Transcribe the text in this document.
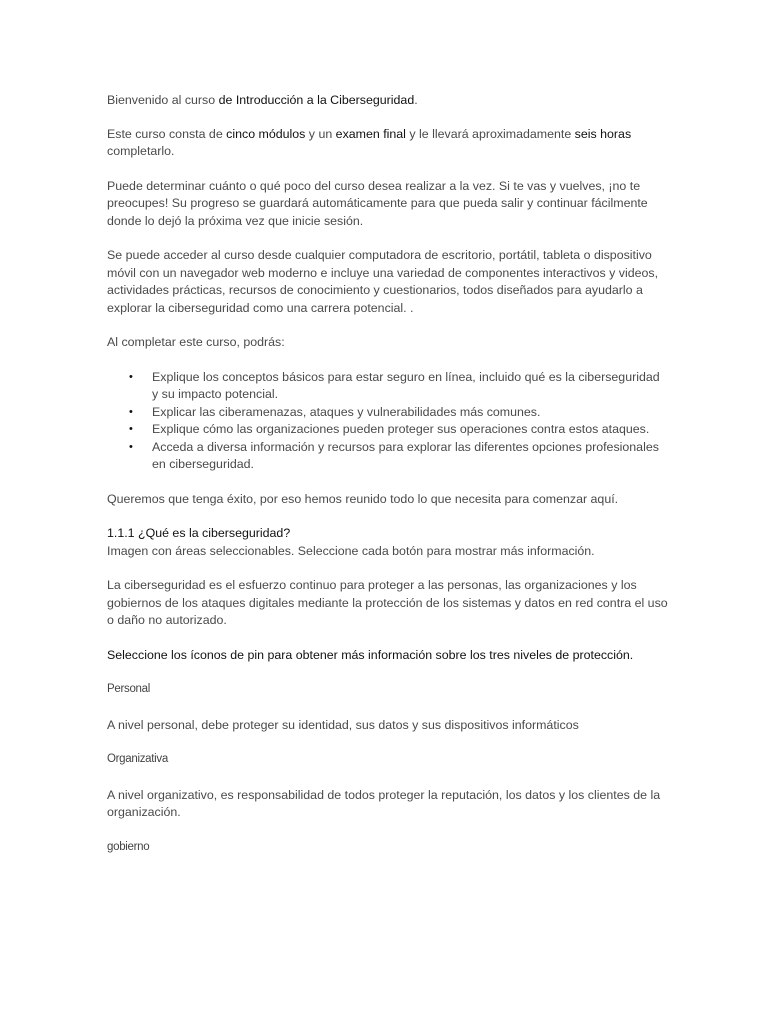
Bienvenido al curso de Introducción a la Ciberseguridad.

Este curso consta de cinco módulos y un examen final y le llevará aproximadamente seis horas completarlo.

Puede determinar cuánto o qué poco del curso desea realizar a la vez. Si te vas y vuelves, ¡no te preocupes! Su progreso se guardará automáticamente para que pueda salir y continuar fácilmente donde lo dejó la próxima vez que inicie sesión.

Se puede acceder al curso desde cualquier computadora de escritorio, portátil, tableta o dispositivo móvil con un navegador web moderno e incluye una variedad de componentes interactivos y videos, actividades prácticas, recursos de conocimiento y cuestionarios, todos diseñados para ayudarlo a explorar la ciberseguridad como una carrera potencial. .

Al completar este curso, podrás:

• Explique los conceptos básicos para estar seguro en línea, incluido qué es la ciberseguridad y su impacto potencial.
• Explicar las ciberamenazas, ataques y vulnerabilidades más comunes.
• Explique cómo las organizaciones pueden proteger sus operaciones contra estos ataques.
• Acceda a diversa información y recursos para explorar las diferentes opciones profesionales en ciberseguridad.

Queremos que tenga éxito, por eso hemos reunido todo lo que necesita para comenzar aquí.

1.1.1 ¿Qué es la ciberseguridad?

Imagen con áreas seleccionables. Seleccione cada botón para mostrar más información.

La ciberseguridad es el esfuerzo continuo para proteger a las personas, las organizaciones y los gobiernos de los ataques digitales mediante la protección de los sistemas y datos en red contra el uso o daño no autorizado.

Seleccione los íconos de pin para obtener más información sobre los tres niveles de protección.

Personal

A nivel personal, debe proteger su identidad, sus datos y sus dispositivos informáticos

Organizativa

A nivel organizativo, es responsabilidad de todos proteger la reputación, los datos y los clientes de la organización.

gobierno
